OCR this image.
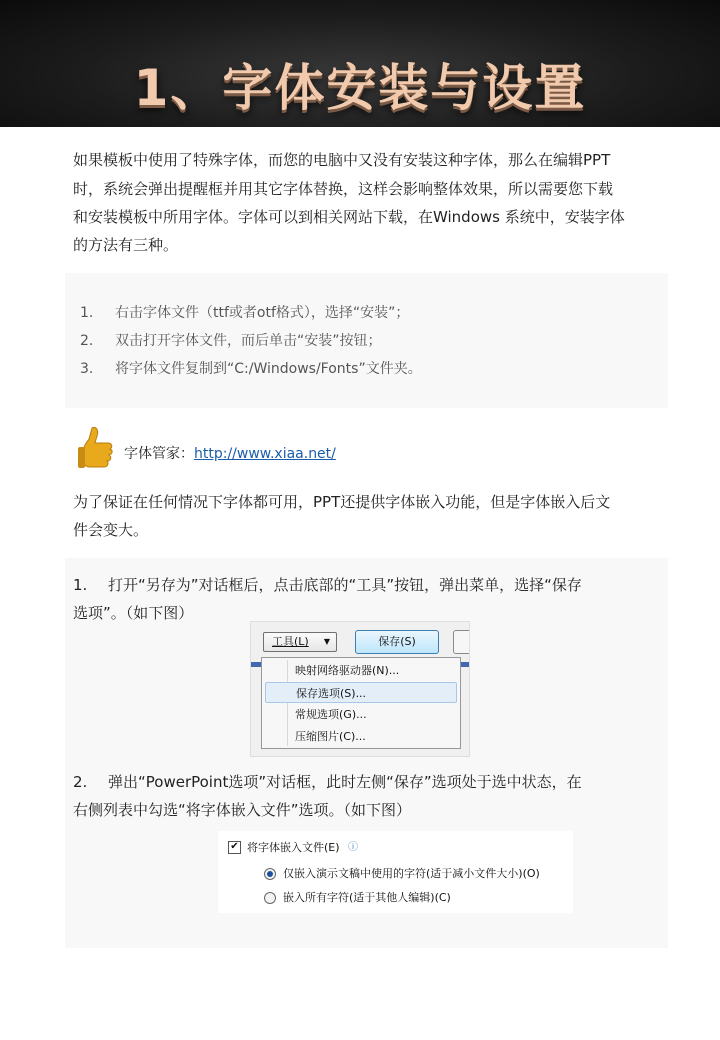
1、字体安装与设置
如果模板中使用了特殊字体，而您的电脑中又没有安装这种字体，那么在编辑PPT
时，系统会弹出提醒框并用其它字体替换，这样会影响整体效果，所以需要您下载
和安装模板中所用字体。字体可以到相关网站下载，在Windows 系统中，安装字体
的方法有三种。
1. 右击字体文件（ttf或者otf格式），选择“安装”；
2. 双击打开字体文件，而后单击“安装”按钮；
3. 将字体文件复制到“C:/Windows/Fonts”文件夹。
字体管家：http://www.xiaa.net/
为了保证在任何情况下字体都可用，PPT还提供字体嵌入功能，但是字体嵌入后文
件会变大。
1. 打开“另存为”对话框后，点击底部的“工具”按钮，弹出菜单，选择“保存
选项”。（如下图）
工具(L) ▼	保存(S)
映射网络驱动器(N)...
保存选项(S)...
常规选项(G)...
压缩图片(C)...
2. 弹出“PowerPoint选项”对话框，此时左侧“保存”选项处于选中状态，在
右侧列表中勾选“将字体嵌入文件”选项。（如下图）
✔ 将字体嵌入文件(E) ⓘ
仅嵌入演示文稿中使用的字符(适于减小文件大小)(O)
嵌入所有字符(适于其他人编辑)(C)
